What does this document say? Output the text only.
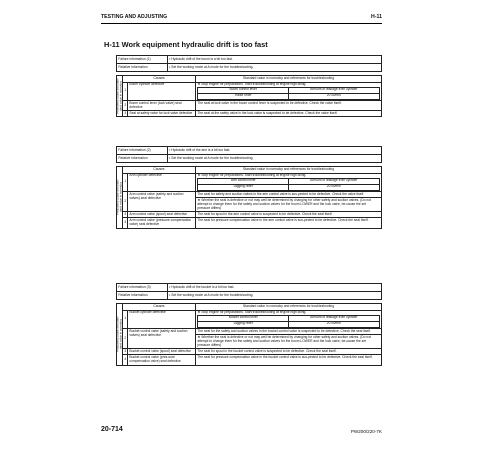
TESTING AND ADJUSTING	H-11
H-11 Work equipment hydraulic drift is too fast
Failure information (1)	• Hydraulic drift of the boom is a bit too fast.
Relative information	• Set the working mode at A mode for the troubleshooting.
Presumed cause and stan-
dard value in normalcy
	Causes	Standard value in normalcy and references for troubleshooting
1	Boom cylinder defective	★ Stop engine for preparations. Start troubleshooting at engine high idling.
Boom control lever	Amount of leakage from cylinder
Raise relief	20 cc/min

2	Boom control lever (lock valve) seal defective	The seal at lock valve in the boom control lever is suspected to be defective. Check the valve itself.
3	Seal at safety valve for lock valve defective	The seal at the safety valve in the lock valve is suspected to be defective. Check the valve itself.
Failure information (2)	• Hydraulic drift of the arm is a bit too fast.
Relative information	• Set the working mode at A mode for the troubleshooting.
Presumed cause and stan-
dard value in normalcy
	Causes	Standard value in normalcy and references for troubleshooting
1	Arm cylinder defective	★ Stop engine for preparations. Start troubleshooting at engine high idling.
Arm control lever	Amount of leakage from cylinder
Digging relief	20 cc/min

2	Arm control valve (safety and suction valves) seal defective	The seal for safety and suction valves in the arm control valve is sus-pected to be defective. Check the valve itself.
★ Whether the seal is defective or not may well be determined by changing for other safety and suction valves. (Do not attempt to change them for the safety and suction valves for the boom LOWER and the lock valve, be-cause the set pressure differs)
3	Arm control valve (spool) seal defective	The seal for spool in the arm control valve is suspected to be defective. Check the seal itself.
4	Arm control valve (pressure compensation valve) seal defective	The seal for pressure compensation valve in the arm control valve is sus-pected to be defective. Check the seal itself.
Failure information (3)	• Hydraulic drift of the bucket is a bit too fast.
Relative information	• Set the working mode at A mode for the troubleshooting.
Presumed cause and stan-
dard value in normalcy
	Causes	Standard value in normalcy and references for troubleshooting
1	Bucket cylinder defective	★ Stop engine for preparations. Start troubleshooting at engine high idling.
Bucket control lever	Amount of leakage from cylinder
Digging relief	20 cc/min

2	Bucket control valve (safety and suction valves) seal defective	The seal for the safety and suction valves in the bucket control valve is suspected to be defective. Check the seal itself.
★ Whether the seal is defective or not may well be determined by changing for other safety and suction valves. (Do not attempt to change them for the safety and suction valves for the boom LOWER and the lock valve, be-cause the set pressure differs)
3	Bucket control valve (spool) seal defective	The seal for spool in the bucket control valve is suspected to be defective. Check the seal itself.
4	Bucket control valve (pres-sure compensation valve) seal defective	The seal for pressure compensation valve in the bucket control valve is sus-pected to be defective. Check the seal itself.
20-714	PW200/220-7K
